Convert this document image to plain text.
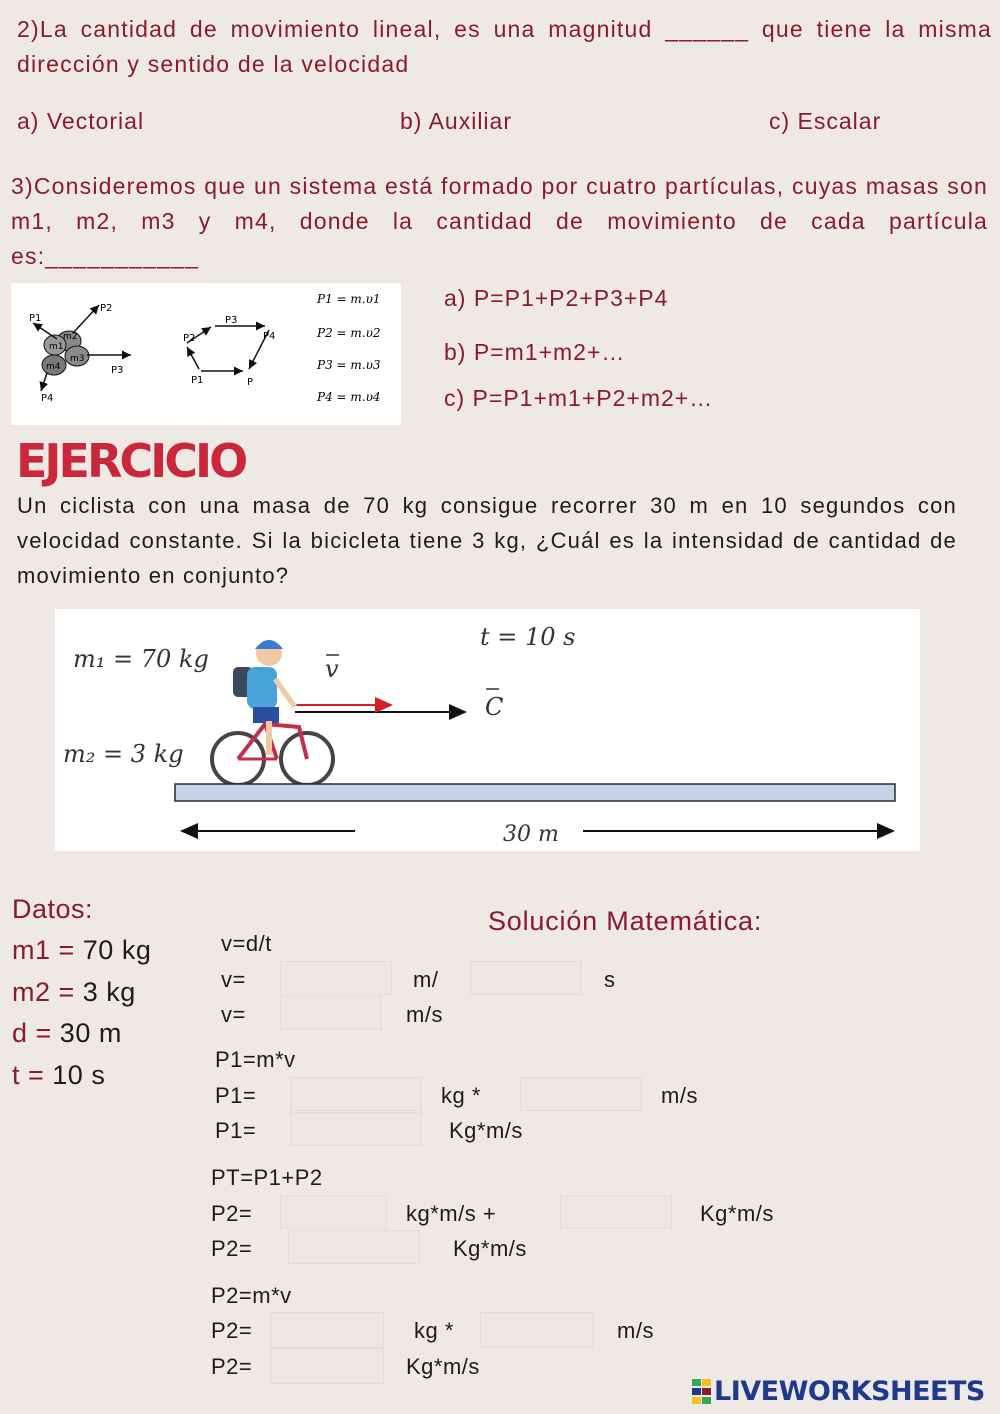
2)La cantidad de movimiento lineal, es una magnitud ______ que tiene la misma dirección y sentido de la velocidad
a) Vectorial	b) Auxiliar	c) Escalar
3)Consideremos que un sistema está formado por cuatro partículas, cuyas masas son m1, m2, m3 y m4, donde la cantidad de movimiento de cada partícula es:___________
m1
m2
m3
m4
P1
P2
P3
P4
P2
P3
P4
P1	P
P1 = m.υ1
P2 = m.υ2
P3 = m.υ3
P4 = m.υ4
a) P=P1+P2+P3+P4
b) P=m1+m2+…
c) P=P1+m1+P2+m2+…
EJERCICIO
Un ciclista con una masa de 70 kg consigue recorrer 30 m en 10 segundos con velocidad constante. Si la bicicleta tiene 3 kg, ¿Cuál es la intensidad de cantidad de movimiento en conjunto?
m₁ = 70 kg
m₂ = 3 kg
t = 10 s
v
C
30 m
Datos:
m1 = 70 kg
m2 = 3 kg
d = 30 m
t = 10 s
Solución Matemática:
v=d/t
v=	m/	s
v=	m/s
P1=m*v
P1=	kg *	m/s
P1=	Kg*m/s
PT=P1+P2
P2=	kg*m/s +	Kg*m/s
P2=	Kg*m/s
P2=m*v
P2=	kg *	m/s
P2=	Kg*m/s
LIVEWORKSHEETS
